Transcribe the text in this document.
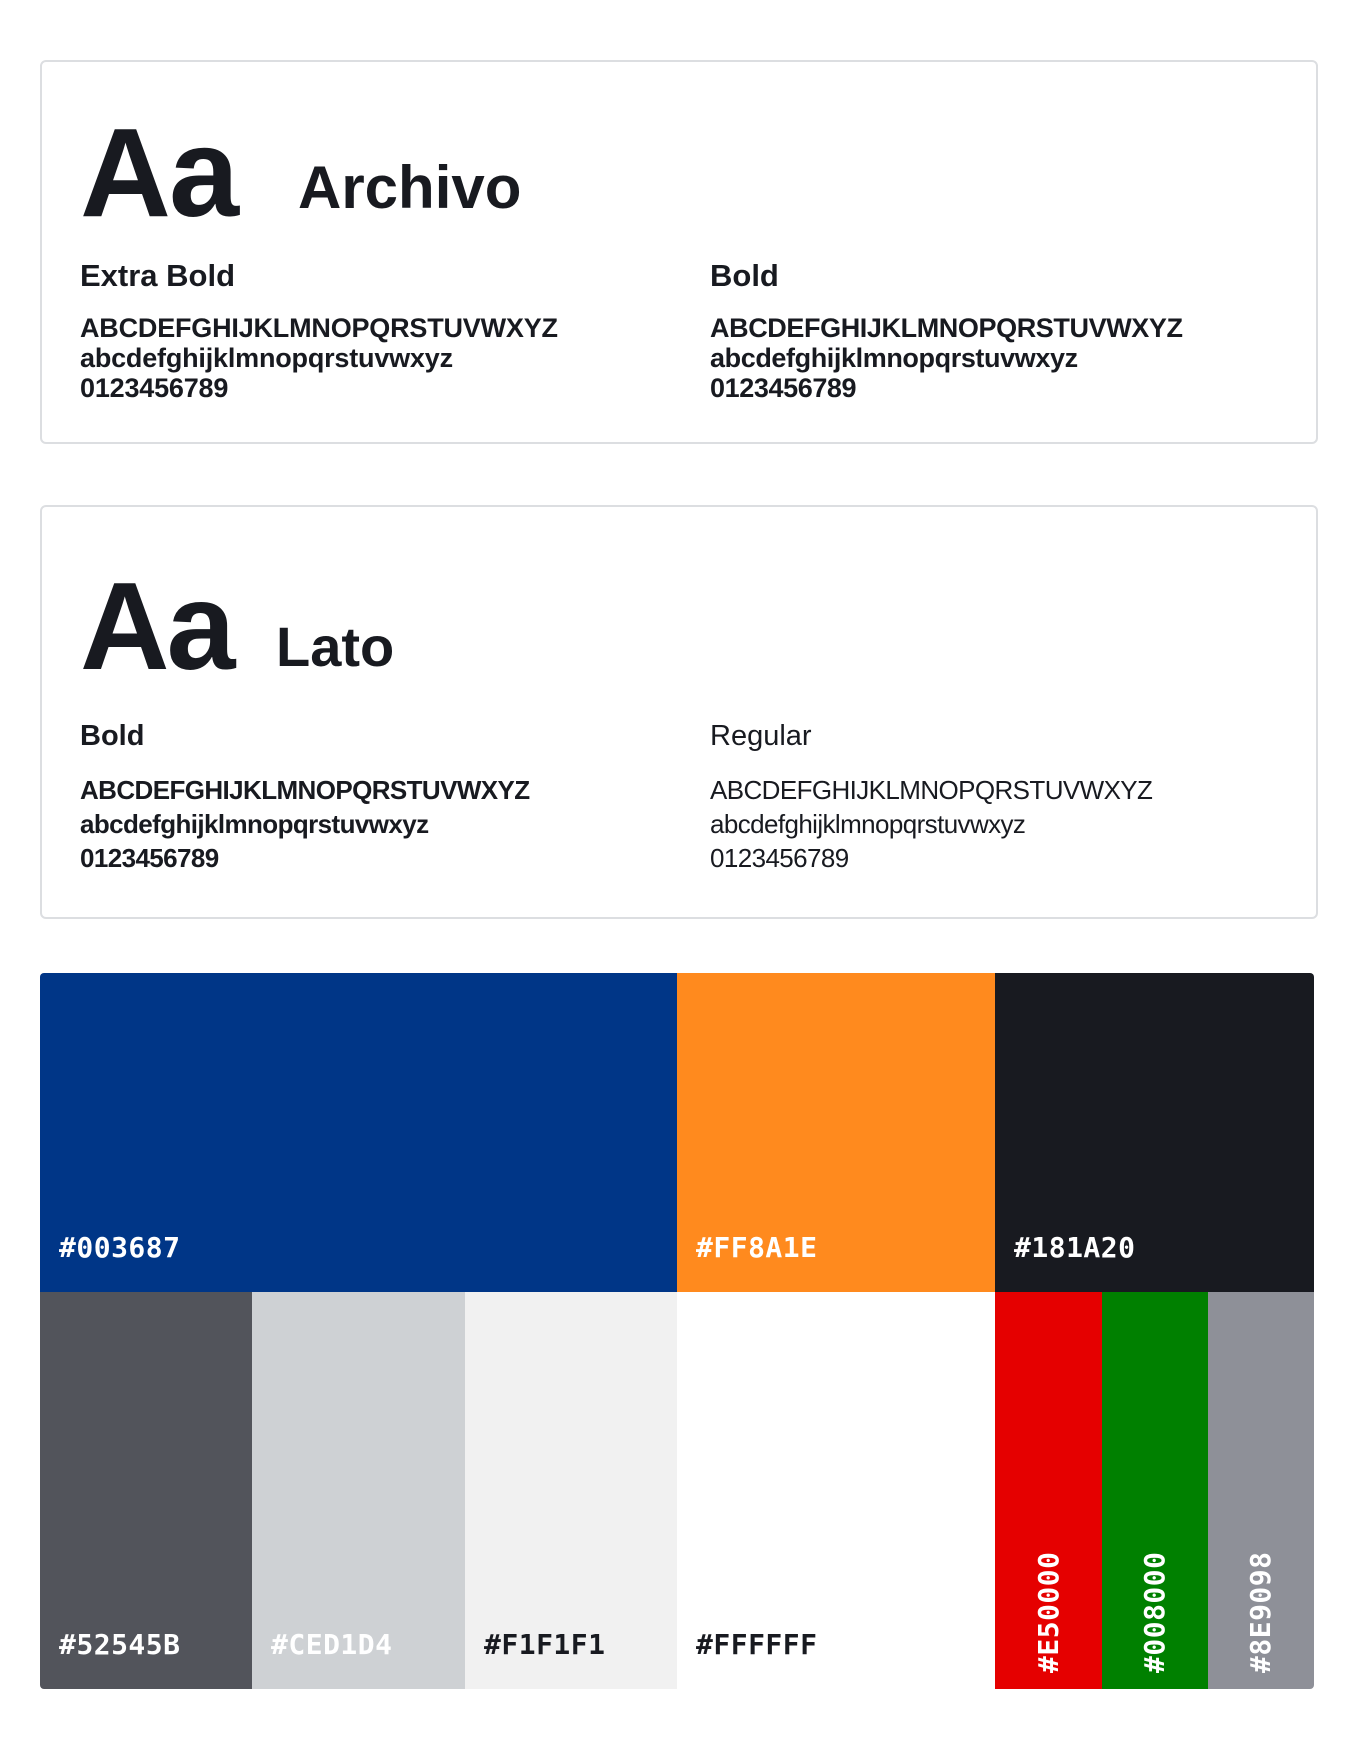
Aa Archivo
Extra Bold
ABCDEFGHIJKLMNOPQRSTUVWXYZ
abcdefghijklmnopqrstuvwxyz
0123456789
Bold
ABCDEFGHIJKLMNOPQRSTUVWXYZ
abcdefghijklmnopqrstuvwxyz
0123456789
Aa Lato
Bold
ABCDEFGHIJKLMNOPQRSTUVWXYZ
abcdefghijklmnopqrstuvwxyz
0123456789
Regular
ABCDEFGHIJKLMNOPQRSTUVWXYZ
abcdefghijklmnopqrstuvwxyz
0123456789
#003687	#FF8A1E	#181A20
#52545B	#CED1D4	#F1F1F1	#FFFFFF	#E50000	#008000	#8E9098
